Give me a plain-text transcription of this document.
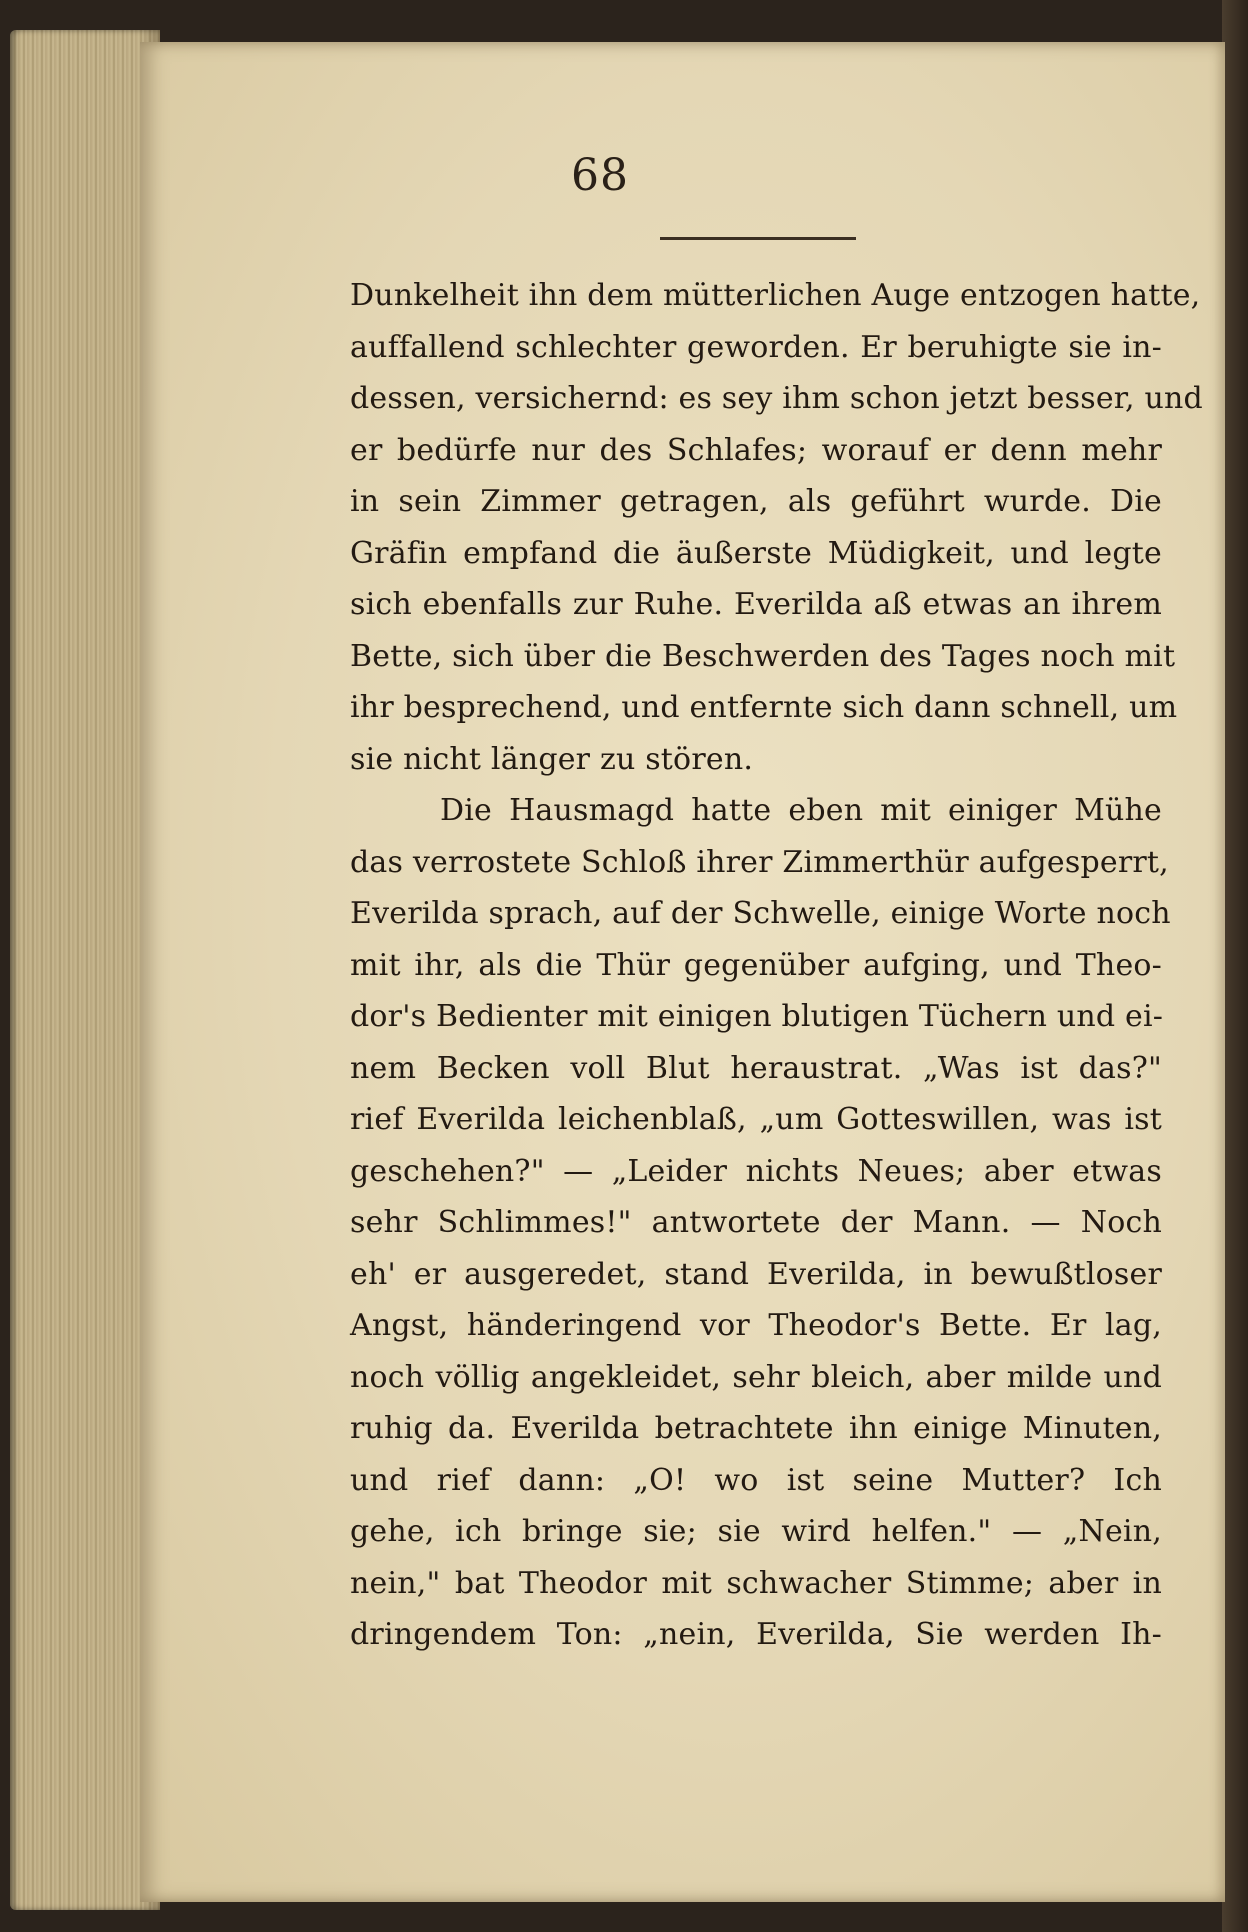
68
Dunkelheit ihn dem mütterlichen Auge entzogen hatte,
auffallend schlechter geworden. Er beruhigte sie in-
dessen, versichernd: es sey ihm schon jetzt besser, und
er bedürfe nur des Schlafes; worauf er denn mehr
in sein Zimmer getragen, als geführt wurde. Die
Gräfin empfand die äußerste Müdigkeit, und legte
sich ebenfalls zur Ruhe. Everilda aß etwas an ihrem
Bette, sich über die Beschwerden des Tages noch mit
ihr besprechend, und entfernte sich dann schnell, um
sie nicht länger zu stören.
Die Hausmagd hatte eben mit einiger Mühe
das verrostete Schloß ihrer Zimmerthür aufgesperrt,
Everilda sprach, auf der Schwelle, einige Worte noch
mit ihr, als die Thür gegenüber aufging, und Theo-
dor's Bedienter mit einigen blutigen Tüchern und ei-
nem Becken voll Blut heraustrat. „Was ist das?"
rief Everilda leichenblaß, „um Gotteswillen, was ist
geschehen?" — „Leider nichts Neues; aber etwas
sehr Schlimmes!" antwortete der Mann. — Noch
eh' er ausgeredet, stand Everilda, in bewußtloser
Angst, händeringend vor Theodor's Bette. Er lag,
noch völlig angekleidet, sehr bleich, aber milde und
ruhig da. Everilda betrachtete ihn einige Minuten,
und rief dann: „O! wo ist seine Mutter? Ich
gehe, ich bringe sie; sie wird helfen." — „Nein,
nein," bat Theodor mit schwacher Stimme; aber in
dringendem Ton: „nein, Everilda, Sie werden Ih-
